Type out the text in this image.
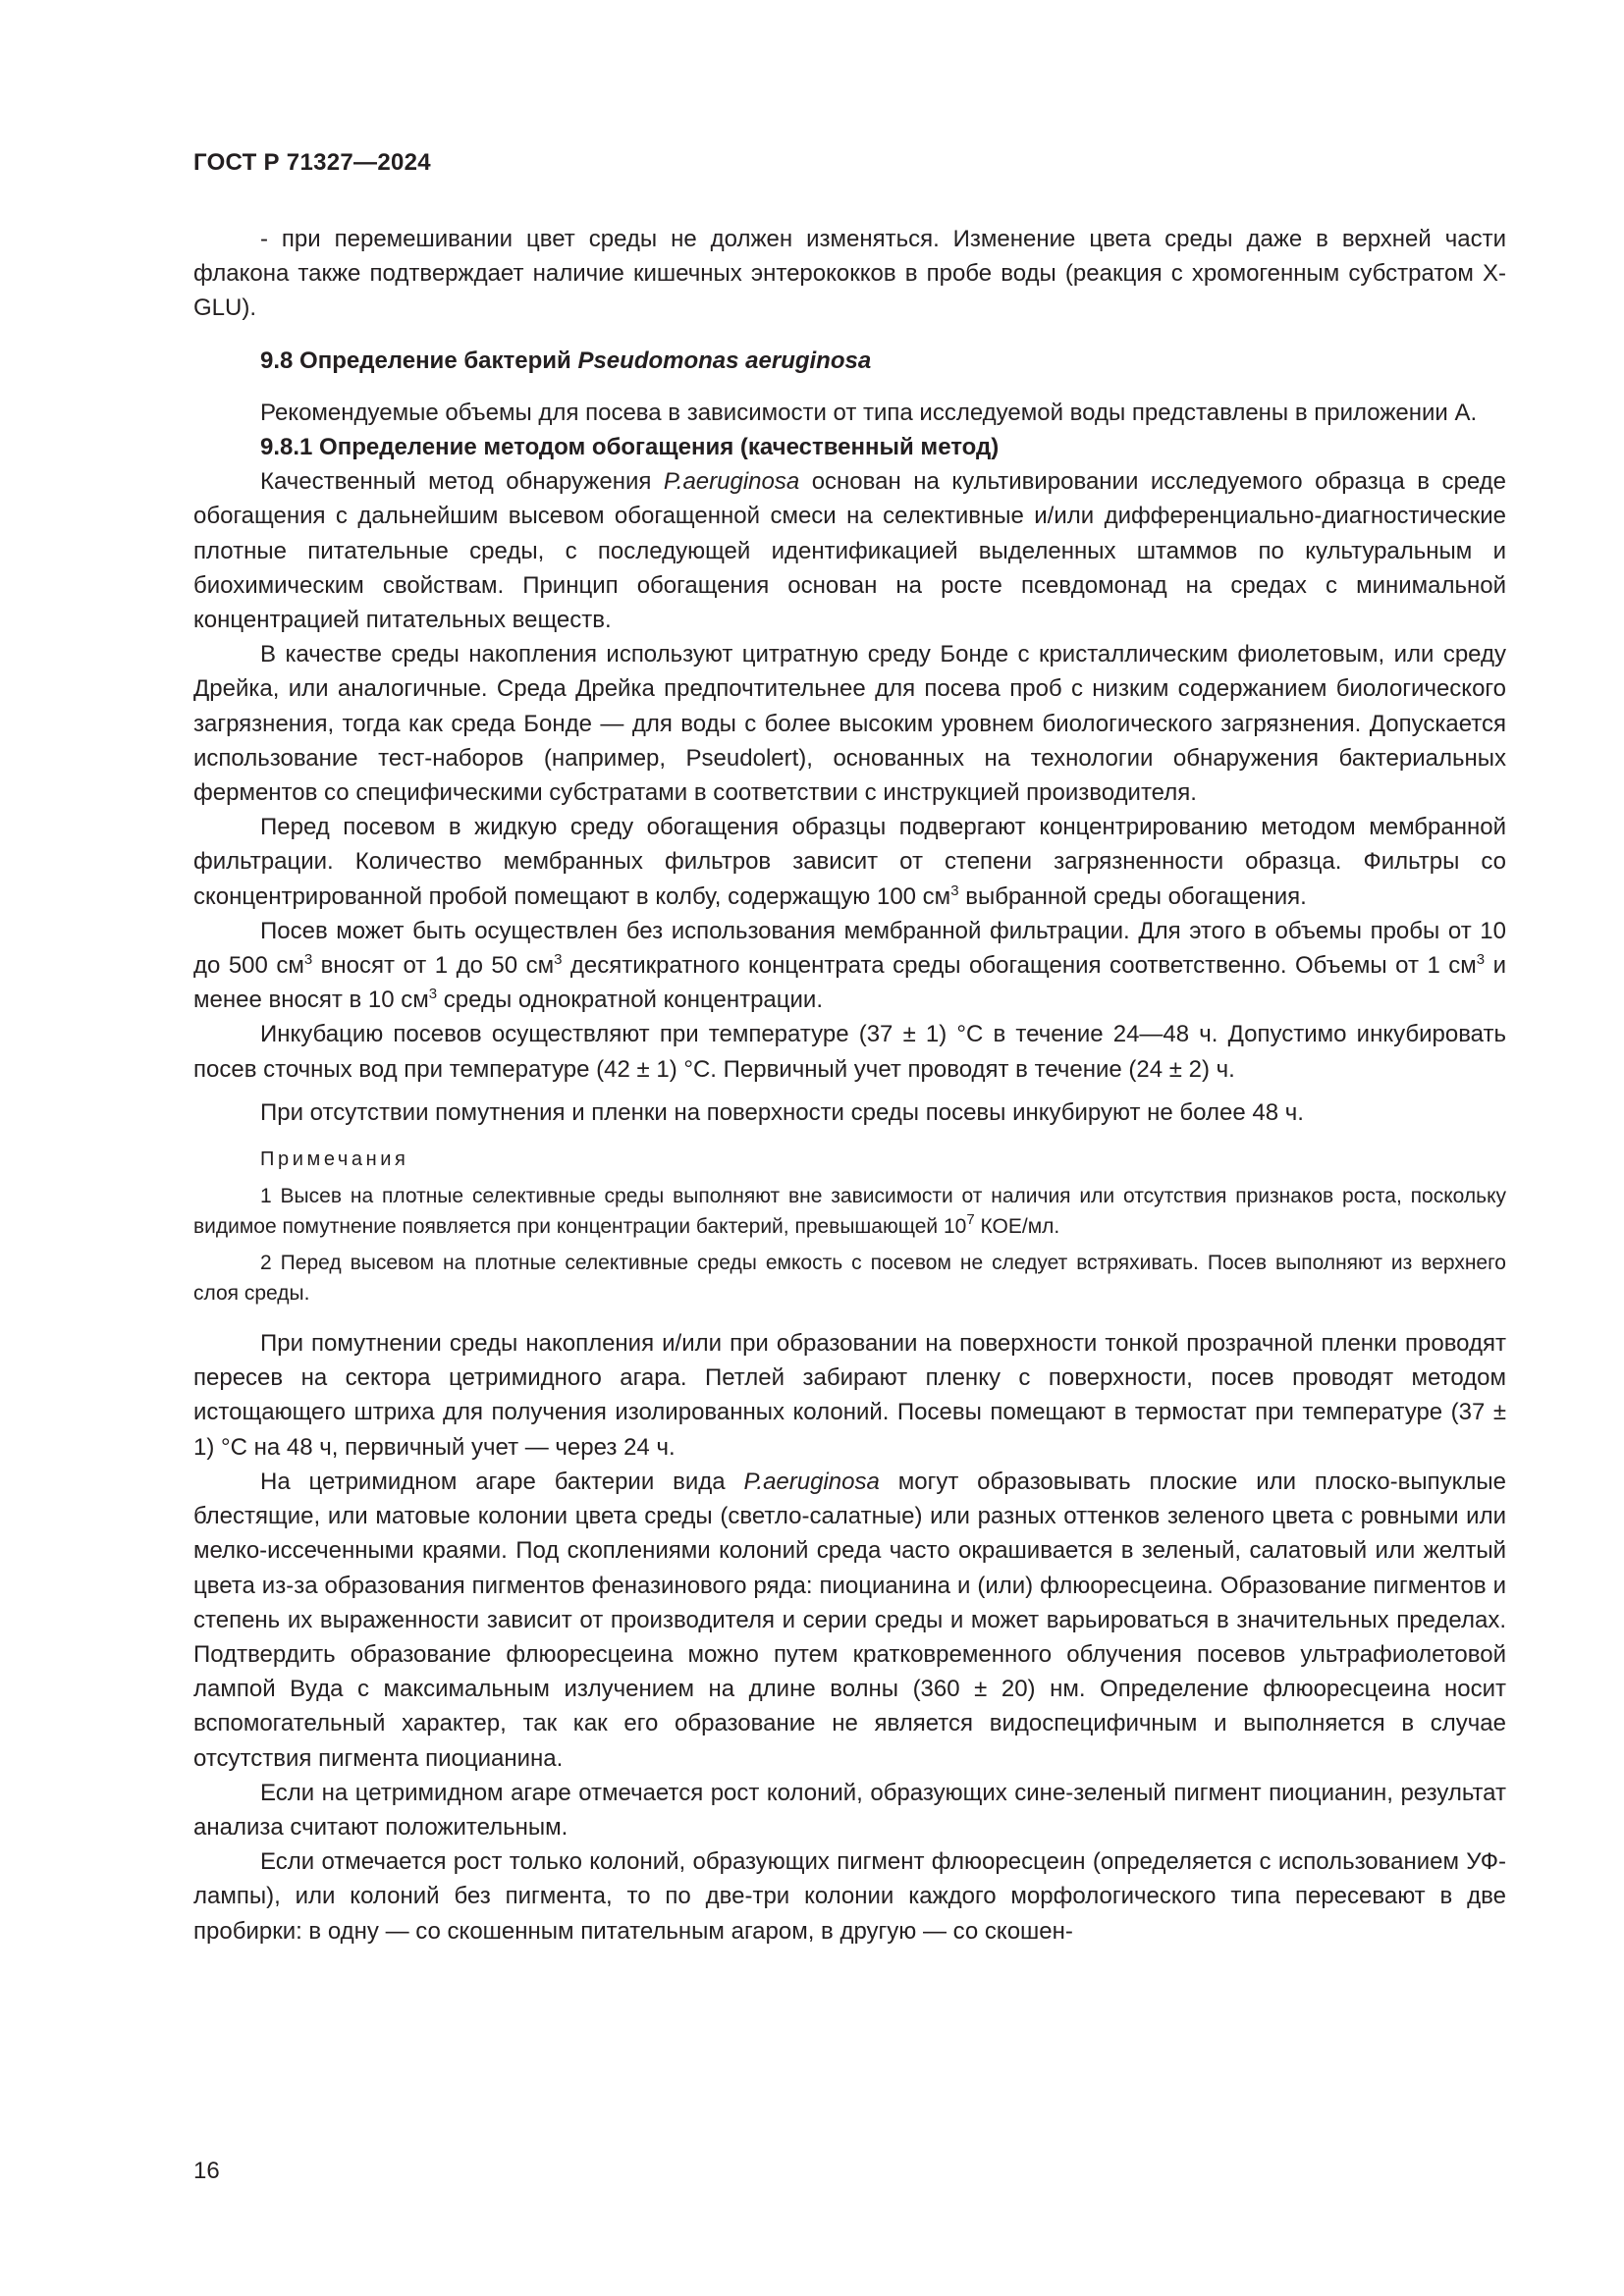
ГОСТ Р 71327—2024

- при перемешивании цвет среды не должен изменяться. Изменение цвета среды даже в верхней части флакона также подтверждает наличие кишечных энтерококков в пробе воды (реакция с хромогенным субстратом X-GLU).

9.8 Определение бактерий Pseudomonas aeruginosa

Рекомендуемые объемы для посева в зависимости от типа исследуемой воды представлены в приложении А.

9.8.1 Определение методом обогащения (качественный метод)

Качественный метод обнаружения P.aeruginosa основан на культивировании исследуемого образца в среде обогащения с дальнейшим высевом обогащенной смеси на селективные и/или дифференциально-диагностические плотные питательные среды, с последующей идентификацией выделенных штаммов по культуральным и биохимическим свойствам. Принцип обогащения основан на росте псевдомонад на средах с минимальной концентрацией питательных веществ.

В качестве среды накопления используют цитратную среду Бонде с кристаллическим фиолетовым, или среду Дрейка, или аналогичные. Среда Дрейка предпочтительнее для посева проб с низким содержанием биологического загрязнения, тогда как среда Бонде — для воды с более высоким уровнем биологического загрязнения. Допускается использование тест-наборов (например, Pseudolert), основанных на технологии обнаружения бактериальных ферментов со специфическими субстратами в соответствии с инструкцией производителя.

Перед посевом в жидкую среду обогащения образцы подвергают концентрированию методом мембранной фильтрации. Количество мембранных фильтров зависит от степени загрязненности образца. Фильтры со сконцентрированной пробой помещают в колбу, содержащую 100 $см^3$ выбранной среды обогащения.

Посев может быть осуществлен без использования мембранной фильтрации. Для этого в объемы пробы от 10 до 500 $см^3$ вносят от 1 до 50 $см^3$ десятикратного концентрата среды обогащения соответственно. Объемы от 1 $см^3$ и менее вносят в 10 $см^3$ среды однократной концентрации.

Инкубацию посевов осуществляют при температуре (37 ± 1) °С в течение 24—48 ч. Допустимо инкубировать посев сточных вод при температуре (42 ± 1) °С. Первичный учет проводят в течение (24 ± 2) ч.

При отсутствии помутнения и пленки на поверхности среды посевы инкубируют не более 48 ч.

Примечания

1 Высев на плотные селективные среды выполняют вне зависимости от наличия или отсутствия признаков роста, поскольку видимое помутнение появляется при концентрации бактерий, превышающей $10^7$ КОЕ/мл.

2 Перед высевом на плотные селективные среды емкость с посевом не следует встряхивать. Посев выполняют из верхнего слоя среды.

При помутнении среды накопления и/или при образовании на поверхности тонкой прозрачной пленки проводят пересев на сектора цетримидного агара. Петлей забирают пленку с поверхности, посев проводят методом истощающего штриха для получения изолированных колоний. Посевы помещают в термостат при температуре (37 ± 1) °С на 48 ч, первичный учет — через 24 ч.

На цетримидном агаре бактерии вида P.aeruginosa могут образовывать плоские или плоско-выпуклые блестящие, или матовые колонии цвета среды (светло-салатные) или разных оттенков зеленого цвета с ровными или мелко-иссеченными краями. Под скоплениями колоний среда часто окрашивается в зеленый, салатовый или желтый цвета из-за образования пигментов феназинового ряда: пиоцианина и (или) флюоресцеина. Образование пигментов и степень их выраженности зависит от производителя и серии среды и может варьироваться в значительных пределах. Подтвердить образование флюоресцеина можно путем кратковременного облучения посевов ультрафиолетовой лампой Вуда с максимальным излучением на длине волны (360 ± 20) нм. Определение флюоресцеина носит вспомогательный характер, так как его образование не является видоспецифичным и выполняется в случае отсутствия пигмента пиоцианина.

Если на цетримидном агаре отмечается рост колоний, образующих сине-зеленый пигмент пиоцианин, результат анализа считают положительным.

Если отмечается рост только колоний, образующих пигмент флюоресцеин (определяется с использованием УФ-лампы), или колоний без пигмента, то по две-три колонии каждого морфологического типа пересевают в две пробирки: в одну — со скошенным питательным агаром, в другую — со скошен-

16
